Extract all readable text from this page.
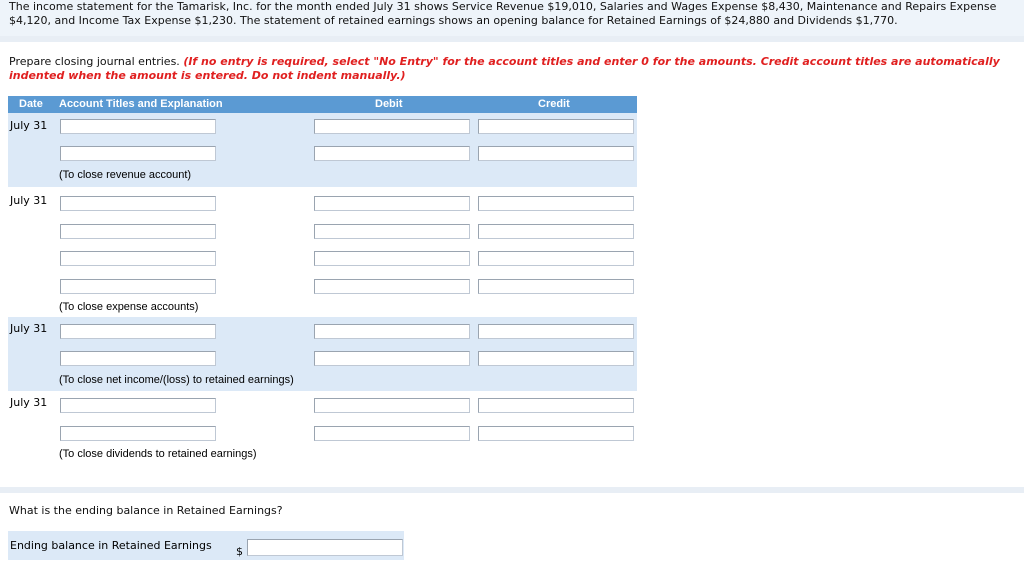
The income statement for the Tamarisk, Inc. for the month ended July 31 shows Service Revenue $19,010, Salaries and Wages Expense $8,430, Maintenance and Repairs Expense $4,120, and Income Tax Expense $1,230. The statement of retained earnings shows an opening balance for Retained Earnings of $24,880 and Dividends $1,770.

Prepare closing journal entries. (If no entry is required, select "No Entry" for the account titles and enter 0 for the amounts. Credit account titles are automatically indented when the amount is entered. Do not indent manually.)
Date Account Titles and Explanation	Debit	Credit
July 31
(To close revenue account)
July 31
(To close expense accounts)
July 31
(To close net income/(loss) to retained earnings)
July 31
(To close dividends to retained earnings)
What is the ending balance in Retained Earnings?
Ending balance in Retained Earnings $
